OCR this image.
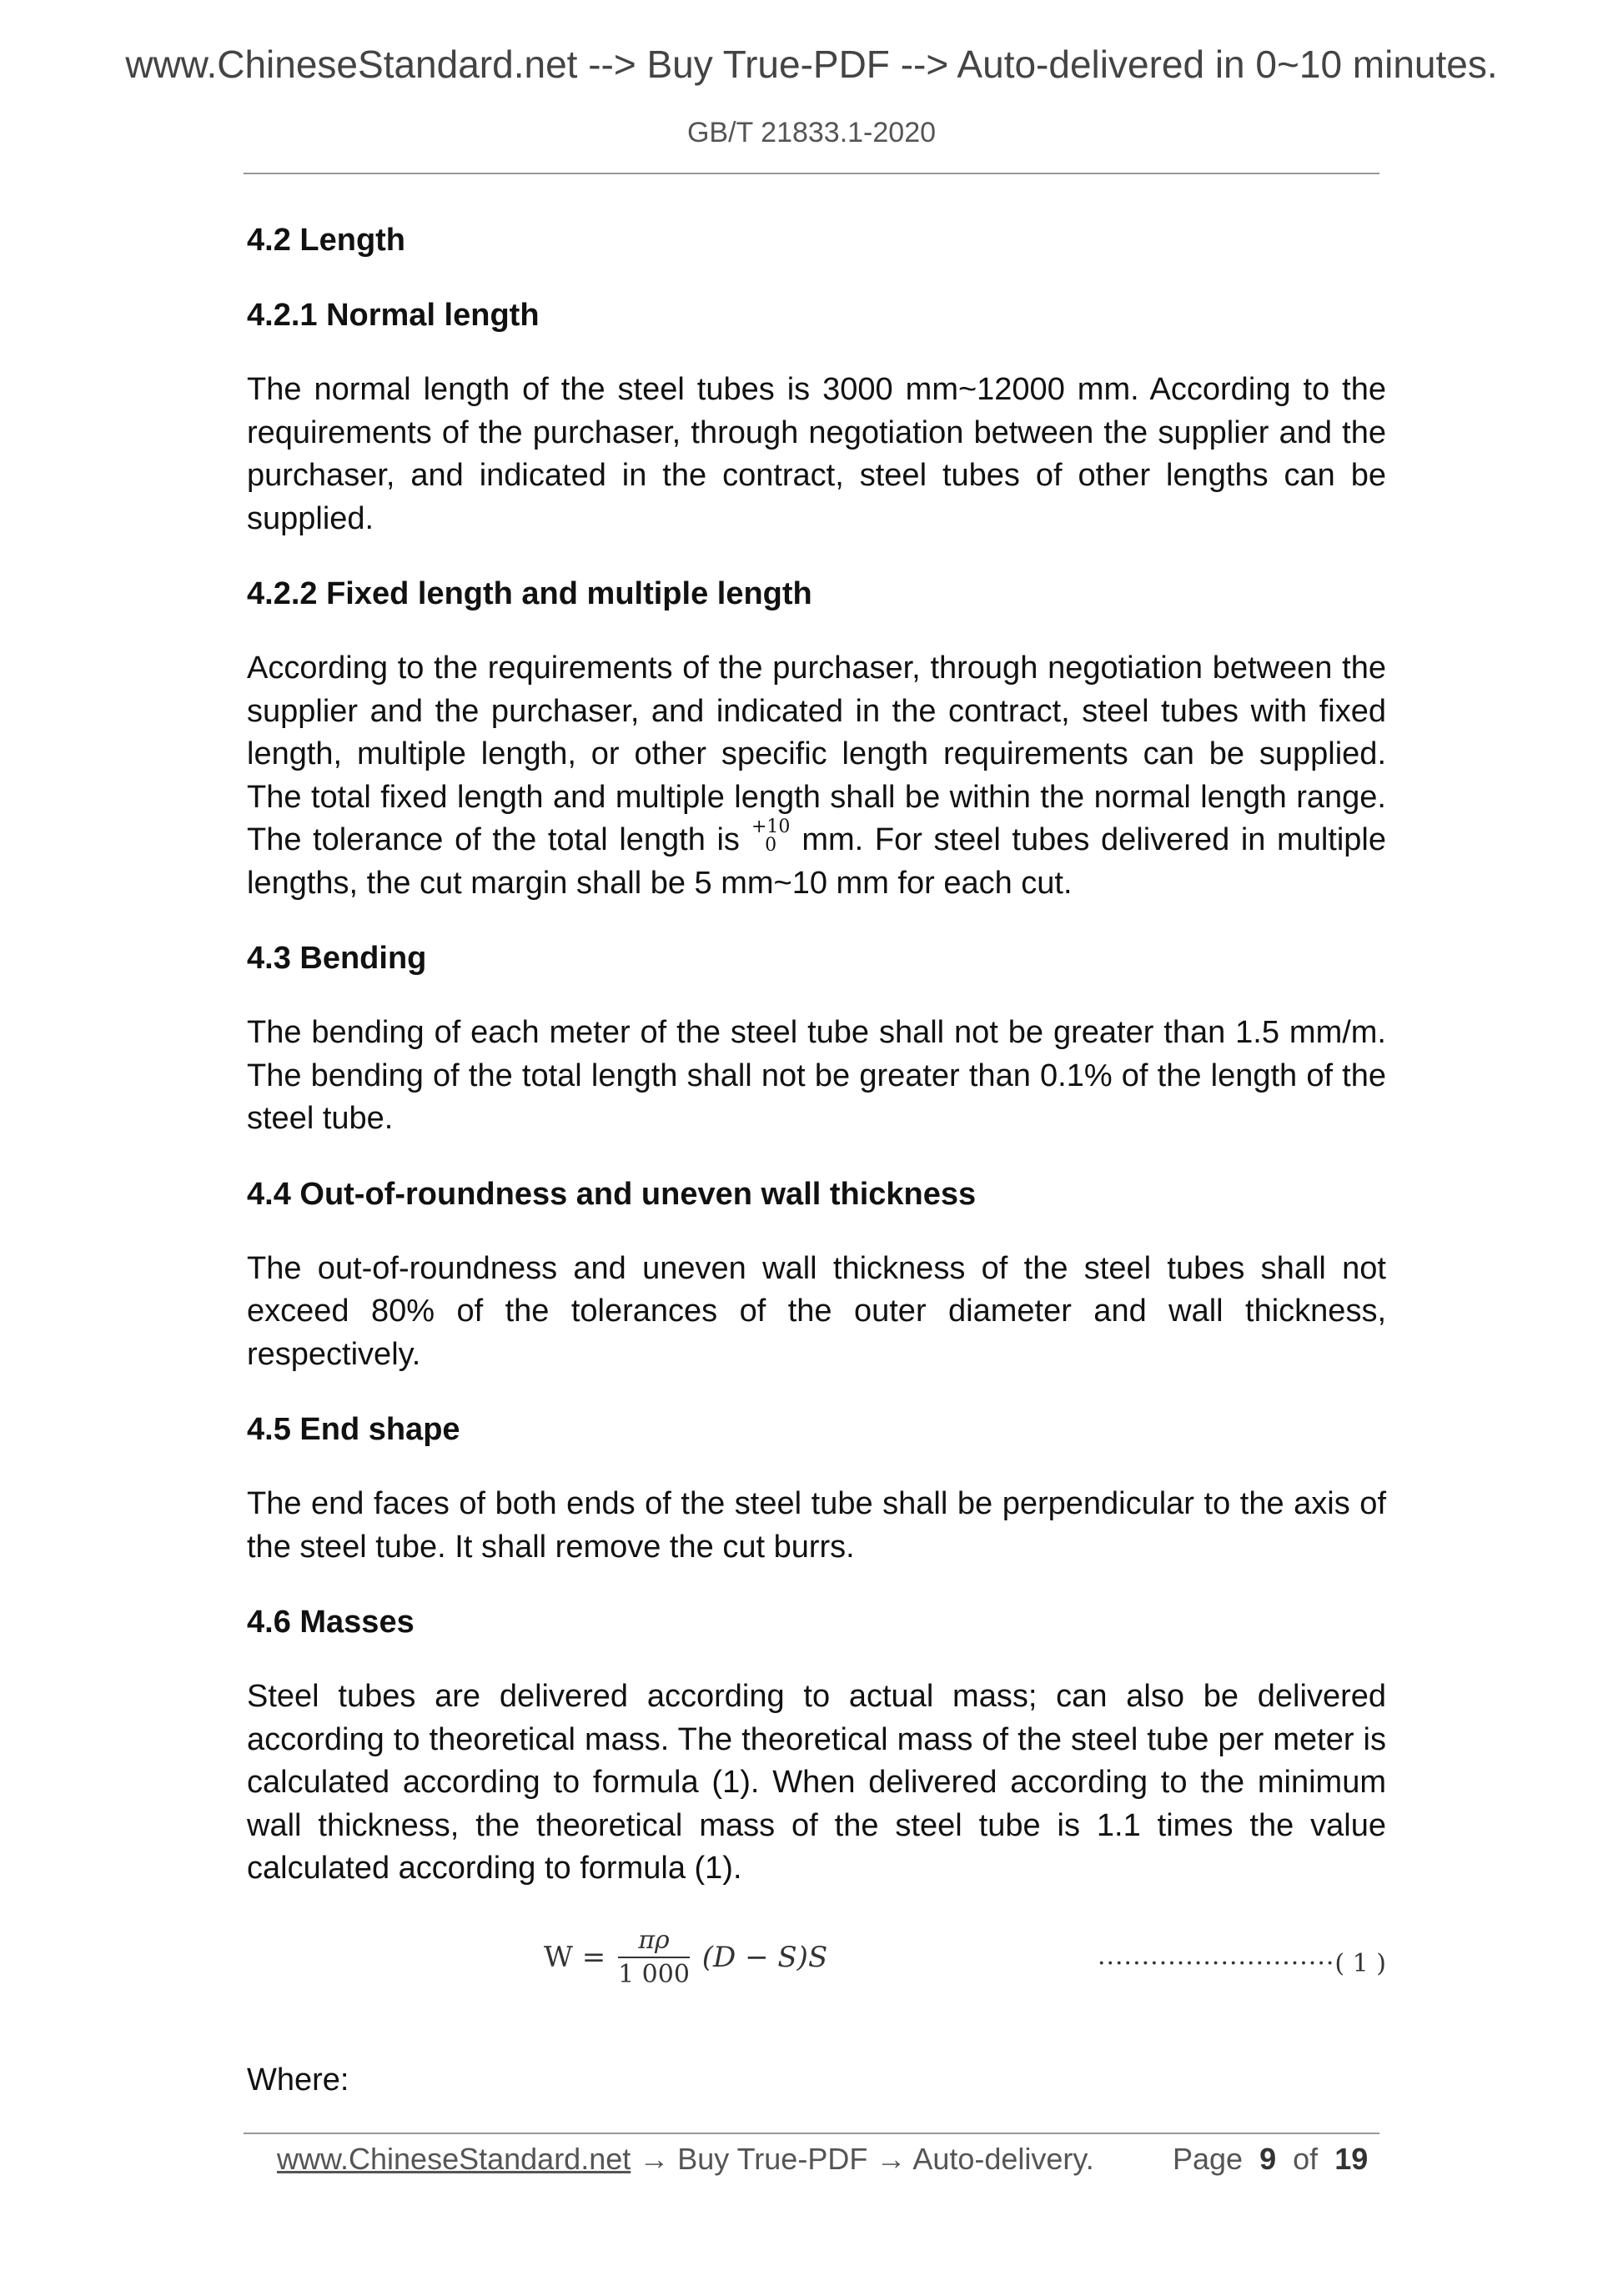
www.ChineseStandard.net --> Buy True-PDF --> Auto-delivered in 0~10 minutes.
GB/T 21833.1-2020
4.2 Length
4.2.1 Normal length
The normal length of the steel tubes is 3000 mm~12000 mm. According to the requirements of the purchaser, through negotiation between the supplier and the purchaser, and indicated in the contract, steel tubes of other lengths can be supplied.
4.2.2 Fixed length and multiple length
According to the requirements of the purchaser, through negotiation between the supplier and the purchaser, and indicated in the contract, steel tubes with fixed length, multiple length, or other specific length requirements can be supplied. The total fixed length and multiple length shall be within the normal length range. The tolerance of the total length is +10
0 mm. For steel tubes delivered in multiple lengths, the cut margin shall be 5 mm~10 mm for each cut.
4.3 Bending
The bending of each meter of the steel tube shall not be greater than 1.5 mm/m. The bending of the total length shall not be greater than 0.1% of the length of the steel tube.
4.4 Out-of-roundness and uneven wall thickness
The out-of-roundness and uneven wall thickness of the steel tubes shall not exceed 80% of the tolerances of the outer diameter and wall thickness, respectively.
4.5 End shape
The end faces of both ends of the steel tube shall be perpendicular to the axis of the steel tube. It shall remove the cut burrs.
4.6 Masses
Steel tubes are delivered according to actual mass; can also be delivered according to theoretical mass. The theoretical mass of the steel tube per meter is calculated according to formula (1). When delivered according to the minimum wall thickness, the theoretical mass of the steel tube is 1.1 times the value calculated according to formula (1).
$W = \frac{\pi\rho}{1 000} (D - S)S$	···························( 1 )
Where:
www.ChineseStandard.net → Buy True-PDF → Auto-delivery.	Page 9 of 19
